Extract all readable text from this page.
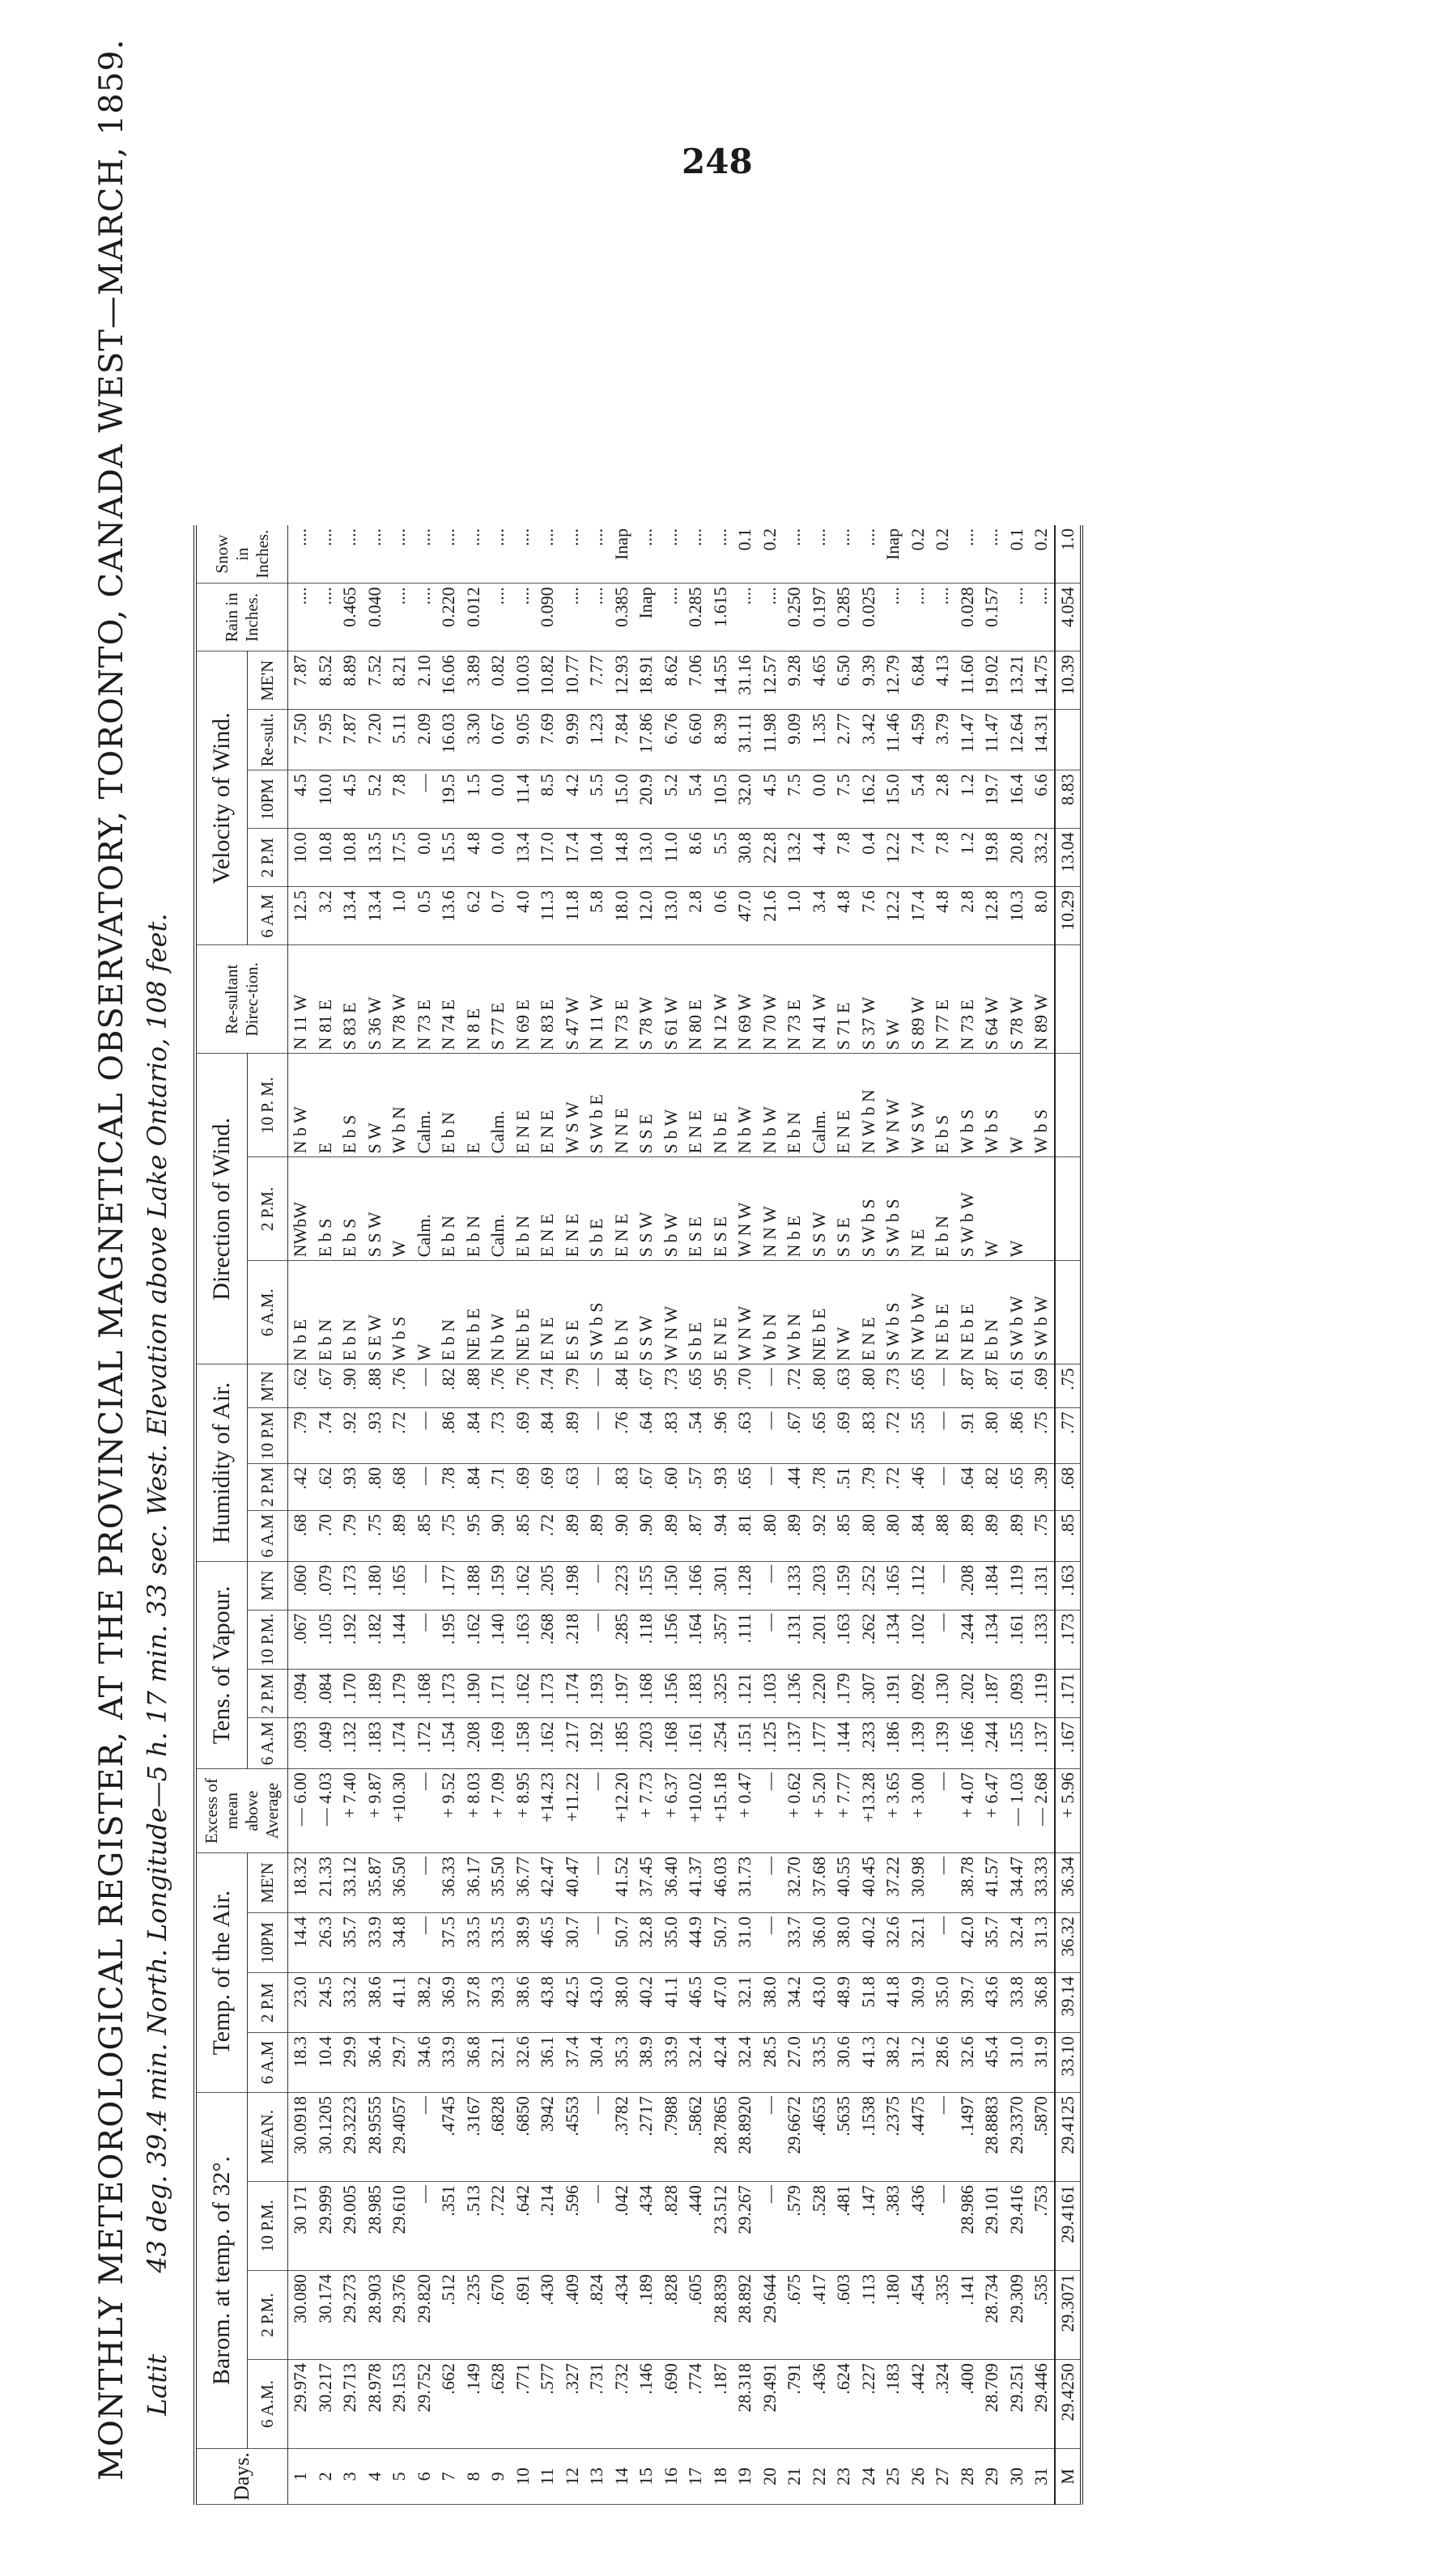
248
MONTHLY METEOROLOGICAL REGISTER, AT THE PROVINCIAL MAGNETICAL OBSERVATORY, TORONTO, CANADA WEST—MARCH, 1859. Latit 43 deg. 39.4 min. North. Longitude—5 h. 17 min. 33 sec. West. Elevation above Lake Ontario, 108 feet.
Days.	Barom. at temp. of 32°.				Temp. of the Air.				Excess of mean above Average	Tens. of Vapour.				Humidity of Air.				Direction of Wind.			Re-sultant Direc-tion.	Velocity of Wind.					Rain in Inches.	Snow in Inches.
	6 A.M.	2 P.M.	10 P.M.	MEAN.	6 A.M	2 P.M	10PM	ME'N		6 A.M	2 P.M	10 P.M.	M'N	6 A.M	2 P.M	10 P.M	M'N	6 A.M.	2 P.M.	10 P. M.		6 A.M	2 P.M	10PM	Re-sult.	ME'N		
1	29.974	30.080	30 171	30.0918	18.3	23.0	14.4	18.32	— 6.00	.093	.094	.067	.060	.68	.42	.79	.62	N b E	NWbW	N b W	N 11 W	12.5	10.0	4.5	7.50	7.87	....	....
2	30.217	30.174	29.999	30.1205	10.4	24.5	26.3	21.33	— 4.03	.049	.084	.105	.079	.70	.62	.74	.67	E b N	E b S	E	N 81 E	3.2	10.8	10.0	7.95	8.52	....	....
3	29.713	29.273	29.005	29.3223	29.9	33.2	35.7	33.12	+ 7.40	.132	.170	.192	.173	.79	.93	.92	.90	E b N	E b S	E b S	S 83 E	13.4	10.8	4.5	7.87	8.89	0.465	....
4	28.978	28.903	28.985	28.9555	36.4	38.6	33.9	35.87	+ 9.87	.183	.189	.182	.180	.75	.80	.93	.88	S E W	S S W	S W	S 36 W	13.4	13.5	5.2	7.20	7.52	0.040	....
5	29.153	29.376	29.610	29.4057	29.7	41.1	34.8	36.50	+10.30	.174	.179	.144	.165	.89	.68	.72	.76	W b S	W	W b N	N 78 W	1.0	17.5	7.8	5.11	8.21	....	....
6	29.752	29.820	—	—	34.6	38.2	—	—	—	.172	.168	—	—	.85	—	—	—	W	Calm.	Calm.	N 73 E	0.5	0.0	—	2.09	2.10	....	....
7	.662	.512	.351	.4745	33.9	36.9	37.5	36.33	+ 9.52	.154	.173	.195	.177	.75	.78	.86	.82	E b N	E b N	E b N	N 74 E	13.6	15.5	19.5	16.03	16.06	0.220	....
8	.149	.235	.513	.3167	36.8	37.8	33.5	36.17	+ 8.03	.208	.190	.162	.188	.95	.84	.84	.88	NE b E	E b N	E	N 8 E	6.2	4.8	1.5	3.30	3.89	0.012	....
9	.628	.670	.722	.6828	32.1	39.3	33.5	35.50	+ 7.09	.169	.171	.140	.159	.90	.71	.73	.76	N b W	Calm.	Calm.	S 77 E	0.7	0.0	0.0	0.67	0.82	....	....
10	.771	.691	.642	.6850	32.6	38.6	38.9	36.77	+ 8.95	.158	.162	.163	.162	.85	.69	.69	.76	NE b E	E b N	E N E	N 69 E	4.0	13.4	11.4	9.05	10.03	....	....
11	.577	.430	.214	3942	36.1	43.8	46.5	42.47	+14.23	.162	.173	.268	.205	.72	.69	.84	.74	E N E	E N E	E N E	N 83 E	11.3	17.0	8.5	7.69	10.82	0.090	....
12	.327	.409	.596	.4553	37.4	42.5	30.7	40.47	+11.22	.217	.174	.218	.198	.89	.63	.89	.79	E S E	E N E	W S W	S 47 W	11.8	17.4	4.2	9.99	10.77	....	....
13	.731	.824	—	—	30.4	43.0	—	—	—	.192	.193	—	—	.89	—	—	—	S W b S	S b E	S W b E	N 11 W	5.8	10.4	5.5	1.23	7.77	....	....
14	.732	.434	.042	.3782	35.3	38.0	50.7	41.52	+12.20	.185	.197	.285	.223	.90	.83	.76	.84	E b N	E N E	N N E	N 73 E	18.0	14.8	15.0	7.84	12.93	0.385	Inap
15	.146	.189	.434	.2717	38.9	40.2	32.8	37.45	+ 7.73	.203	.168	.118	.155	.90	.67	.64	.67	S S W	S S W	S S E	S 78 W	12.0	13.0	20.9	17.86	18.91	Inap	....
16	.690	.828	.828	.7988	33.9	41.1	35.0	36.40	+ 6.37	.168	.156	.156	.150	.89	.60	.83	.73	W N W	S b W	S b W	S 61 W	13.0	11.0	5.2	6.76	8.62	....	....
17	.774	.605	.440	.5862	32.4	46.5	44.9	41.37	+10.02	.161	.183	.164	.166	.87	.57	.54	.65	S b E	E S E	E N E	N 80 E	2.8	8.6	5.4	6.60	7.06	0.285	....
18	.187	28.839	23.512	28.7865	42.4	47.0	50.7	46.03	+15.18	.254	.325	.357	.301	.94	.93	.96	.95	E N E	E S E	N b E	N 12 W	0.6	5.5	10.5	8.39	14.55	1.615	....
19	28.318	28.892	29.267	28.8920	32.4	32.1	31.0	31.73	+ 0.47	.151	.121	.111	.128	.81	.65	.63	.70	W N W	W N W	N b W	N 69 W	47.0	30.8	32.0	31.11	31.16	....	0.1
20	29.491	29.644	—	—	28.5	38.0	—	—	—	.125	.103	—	—	.80	—	—	—	W b N	N N W	N b W	N 70 W	21.6	22.8	4.5	11.98	12.57	....	0.2
21	.791	.675	.579	29.6672	27.0	34.2	33.7	32.70	+ 0.62	.137	.136	.131	.133	.89	.44	.67	.72	W b N	N b E	E b N	N 73 E	1.0	13.2	7.5	9.09	9.28	0.250	....
22	.436	.417	.528	.4653	33.5	43.0	36.0	37.68	+ 5.20	.177	.220	.201	.203	.92	.78	.65	.80	NE b E	S S W	Calm.	N 41 W	3.4	4.4	0.0	1.35	4.65	0.197	....
23	.624	.603	.481	.5635	30.6	48.9	38.0	40.55	+ 7.77	.144	.179	.163	.159	.85	.51	.69	.63	N W	S S E	E N E	S 71 E	4.8	7.8	7.5	2.77	6.50	0.285	....
24	.227	.113	.147	.1538	41.3	51.8	40.2	40.45	+13.28	.233	.307	.262	.252	.80	.79	.83	.80	E N E	S W b S	N W b N	S 37 W	7.6	0.4	16.2	3.42	9.39	0.025	....
25	.183	.180	.383	.2375	38.2	41.8	32.6	37.22	+ 3.65	.186	.191	.134	.165	.80	.72	.72	.73	S W b S	S W b S	W N W	S W	12.2	12.2	15.0	11.46	12.79	....	Inap
26	.442	.454	.436	.4475	31.2	30.9	32.1	30.98	+ 3.00	.139	.092	.102	.112	.84	.46	.55	.65	N W b W	N E	W S W	S 89 W	17.4	7.4	5.4	4.59	6.84	....	0.2
27	.324	.335	—	—	28.6	35.0	—	—	—	.139	.130	—	—	.88	—	—	—	N E b E	E b N	E b S	N 77 E	4.8	7.8	2.8	3.79	4.13	....	0.2
28	.400	.141	28.986	.1497	32.6	39.7	42.0	38.78	+ 4.07	.166	.202	.244	.208	.89	.64	.91	.87	N E b E	S W b W	W b S	N 73 E	2.8	1.2	1.2	11.47	11.60	0.028	....
29	28.709	28.734	29.101	28.8883	45.4	43.6	35.7	41.57	+ 6.47	.244	.187	.134	.184	.89	.82	.80	.87	E b N	W	W b S	S 64 W	12.8	19.8	19.7	11.47	19.02	0.157	....
30	29.251	29.309	29.416	29.3370	31.0	33.8	32.4	34.47	— 1.03	.155	.093	.161	.119	.89	.65	.86	.61	S W b W	W	W	S 78 W	10.3	20.8	16.4	12.64	13.21	....	0.1
31	29.446	.535	.753	.5870	31.9	36.8	31.3	33.33	— 2.68	.137	.119	.133	.131	.75	.39	.75	.69	S W b W		W b S	N 89 W	8.0	33.2	6.6	14.31	14.75	....	0.2
M	29.4250	29.3071	29.4161	29.4125	33.10	39.14	36.32	36.34	+ 5.96	.167	.171	.173	.163	.85	.68	.77	.75					10.29	13.04	8.83		10.39	4.054	1.0
